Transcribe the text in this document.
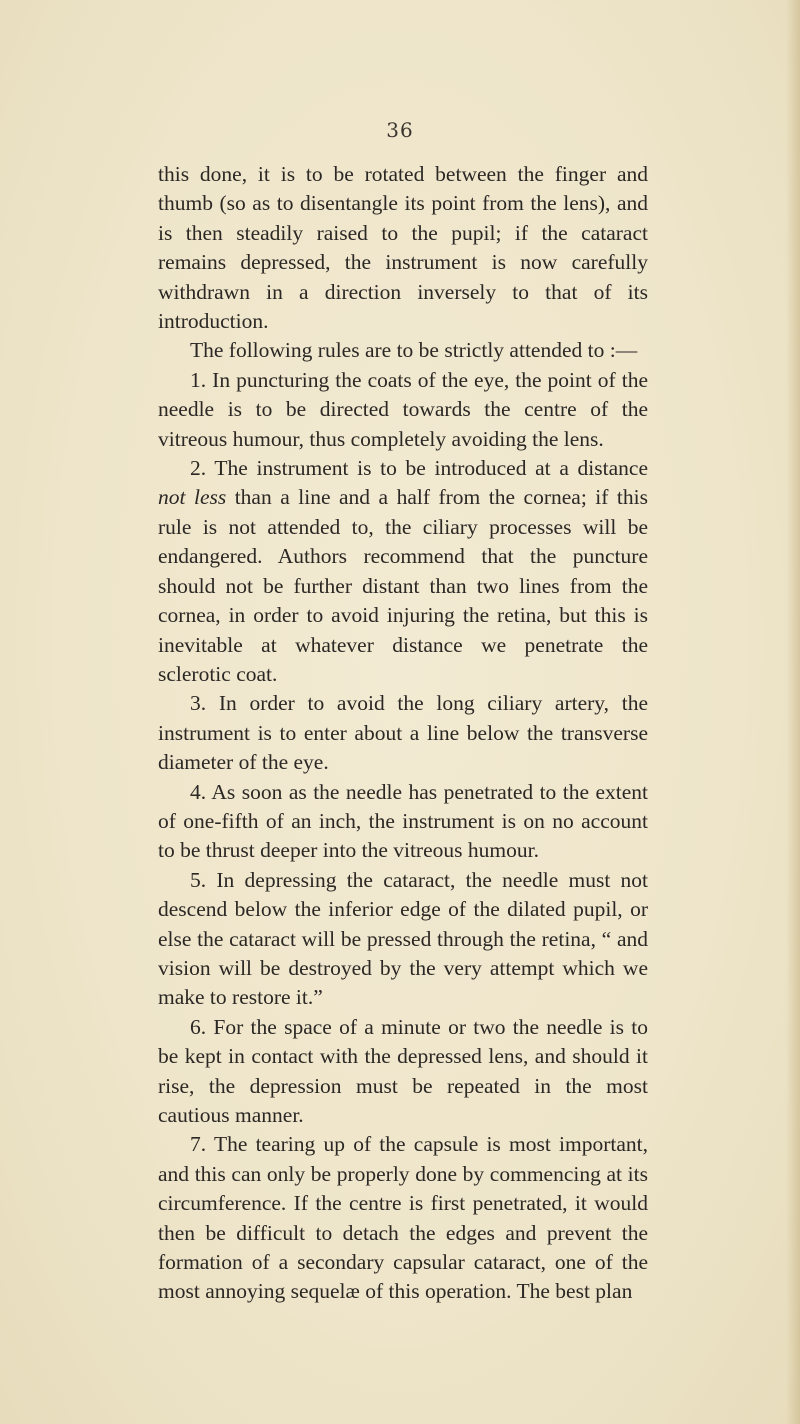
36

this done, it is to be rotated between the finger and thumb (so as to disentangle its point from the lens), and is then steadily raised to the pupil; if the cataract remains depressed, the instrument is now carefully withdrawn in a direction inversely to that of its introduction.

The following rules are to be strictly attended to :—

1. In puncturing the coats of the eye, the point of the needle is to be directed towards the centre of the vitreous humour, thus completely avoiding the lens.

2. The instrument is to be introduced at a distance not less than a line and a half from the cornea; if this rule is not attended to, the ciliary processes will be endangered. Authors recommend that the puncture should not be further distant than two lines from the cornea, in order to avoid injuring the retina, but this is inevitable at whatever distance we penetrate the sclerotic coat.

3. In order to avoid the long ciliary artery, the instrument is to enter about a line below the transverse diameter of the eye.

4. As soon as the needle has penetrated to the extent of one-fifth of an inch, the instrument is on no account to be thrust deeper into the vitreous humour.

5. In depressing the cataract, the needle must not descend below the inferior edge of the dilated pupil, or else the cataract will be pressed through the retina, “ and vision will be destroyed by the very attempt which we make to restore it.”

6. For the space of a minute or two the needle is to be kept in contact with the depressed lens, and should it rise, the depression must be repeated in the most cautious manner.

7. The tearing up of the capsule is most important, and this can only be properly done by commencing at its circumference. If the centre is first penetrated, it would then be difficult to detach the edges and prevent the formation of a secondary capsular cataract, one of the most annoying sequelæ of this operation. The best plan
